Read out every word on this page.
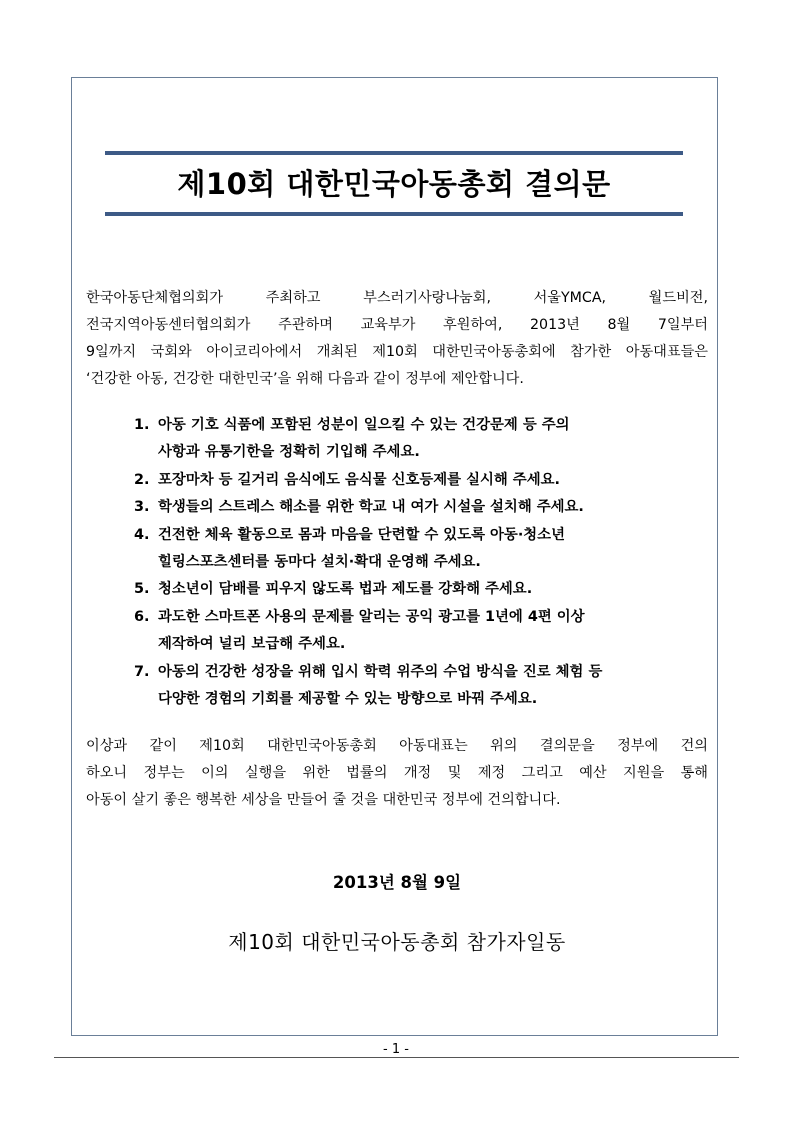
제10회 대한민국아동총회 결의문
한국아동단체협의회가 주최하고 부스러기사랑나눔회, 서울YMCA, 월드비전,
전국지역아동센터협의회가 주관하며 교육부가 후원하여, 2013년 8월 7일부터
9일까지 국회와 아이코리아에서 개최된 제10회 대한민국아동총회에 참가한 아동대표들은
‘건강한 아동, 건강한 대한민국’을 위해 다음과 같이 정부에 제안합니다.
1. 아동 기호 식품에 포함된 성분이 일으킬 수 있는 건강문제 등 주의
사항과 유통기한을 정확히 기입해 주세요.
2. 포장마차 등 길거리 음식에도 음식물 신호등제를 실시해 주세요.
3. 학생들의 스트레스 해소를 위한 학교 내 여가 시설을 설치해 주세요.
4. 건전한 체육 활동으로 몸과 마음을 단련할 수 있도록 아동·청소년
힐링스포츠센터를 동마다 설치·확대 운영해 주세요.
5. 청소년이 담배를 피우지 않도록 법과 제도를 강화해 주세요.
6. 과도한 스마트폰 사용의 문제를 알리는 공익 광고를 1년에 4편 이상
제작하여 널리 보급해 주세요.
7. 아동의 건강한 성장을 위해 입시 학력 위주의 수업 방식을 진로 체험 등
다양한 경험의 기회를 제공할 수 있는 방향으로 바꿔 주세요.
이상과 같이 제10회 대한민국아동총회 아동대표는 위의 결의문을 정부에 건의
하오니 정부는 이의 실행을 위한 법률의 개정 및 제정 그리고 예산 지원을 통해
아동이 살기 좋은 행복한 세상을 만들어 줄 것을 대한민국 정부에 건의합니다.
2013년 8월 9일
제10회 대한민국아동총회 참가자일동
- 1 -
